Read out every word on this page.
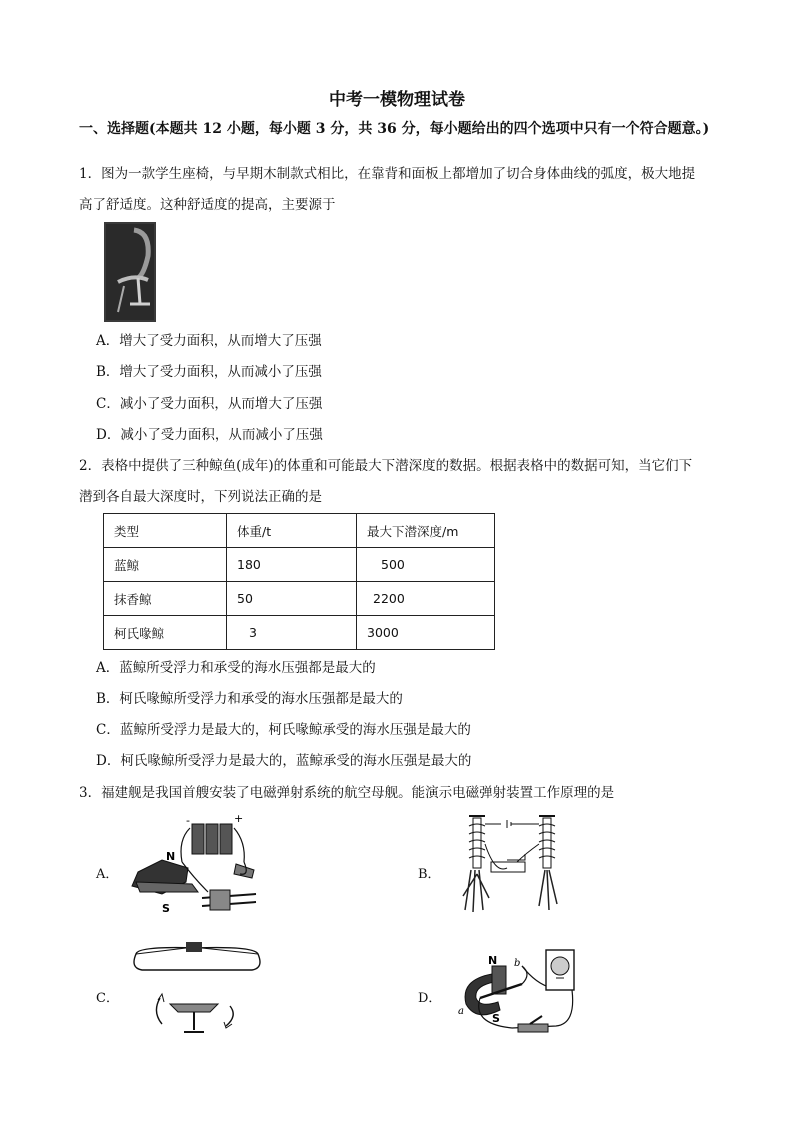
中考一模物理试卷
一、选择题(本题共 12 小题，每小题 3 分，共 36 分，每小题给出的四个选项中只有一个符合题意。)
1．图为一款学生座椅，与早期木制款式相比，在靠背和面板上都增加了切合身体曲线的弧度，极大地提
高了舒适度。这种舒适度的提高，主要源于
A．增大了受力面积，从而增大了压强
B．增大了受力面积，从而减小了压强
C．减小了受力面积，从而增大了压强
D．减小了受力面积，从而减小了压强
2．表格中提供了三种鲸鱼(成年)的体重和可能最大下潜深度的数据。根据表格中的数据可知，当它们下
潜到各自最大深度时，下列说法正确的是
类型	体重/t	最大下潜深度/m
蓝鲸	180	500
抹香鲸	50	2200
柯氏喙鲸	3	3000
A．蓝鲸所受浮力和承受的海水压强都是最大的
B．柯氏喙鲸所受浮力和承受的海水压强都是最大的
C．蓝鲸所受浮力是最大的，柯氏喙鲸承受的海水压强是最大的
D．柯氏喙鲸所受浮力是最大的，蓝鲸承受的海水压强是最大的
3．福建舰是我国首艘安装了电磁弹射系统的航空母舰。能演示电磁弹射装置工作原理的是
A．	B．
C．	D．
N
S
-	+
N
S
a
b
